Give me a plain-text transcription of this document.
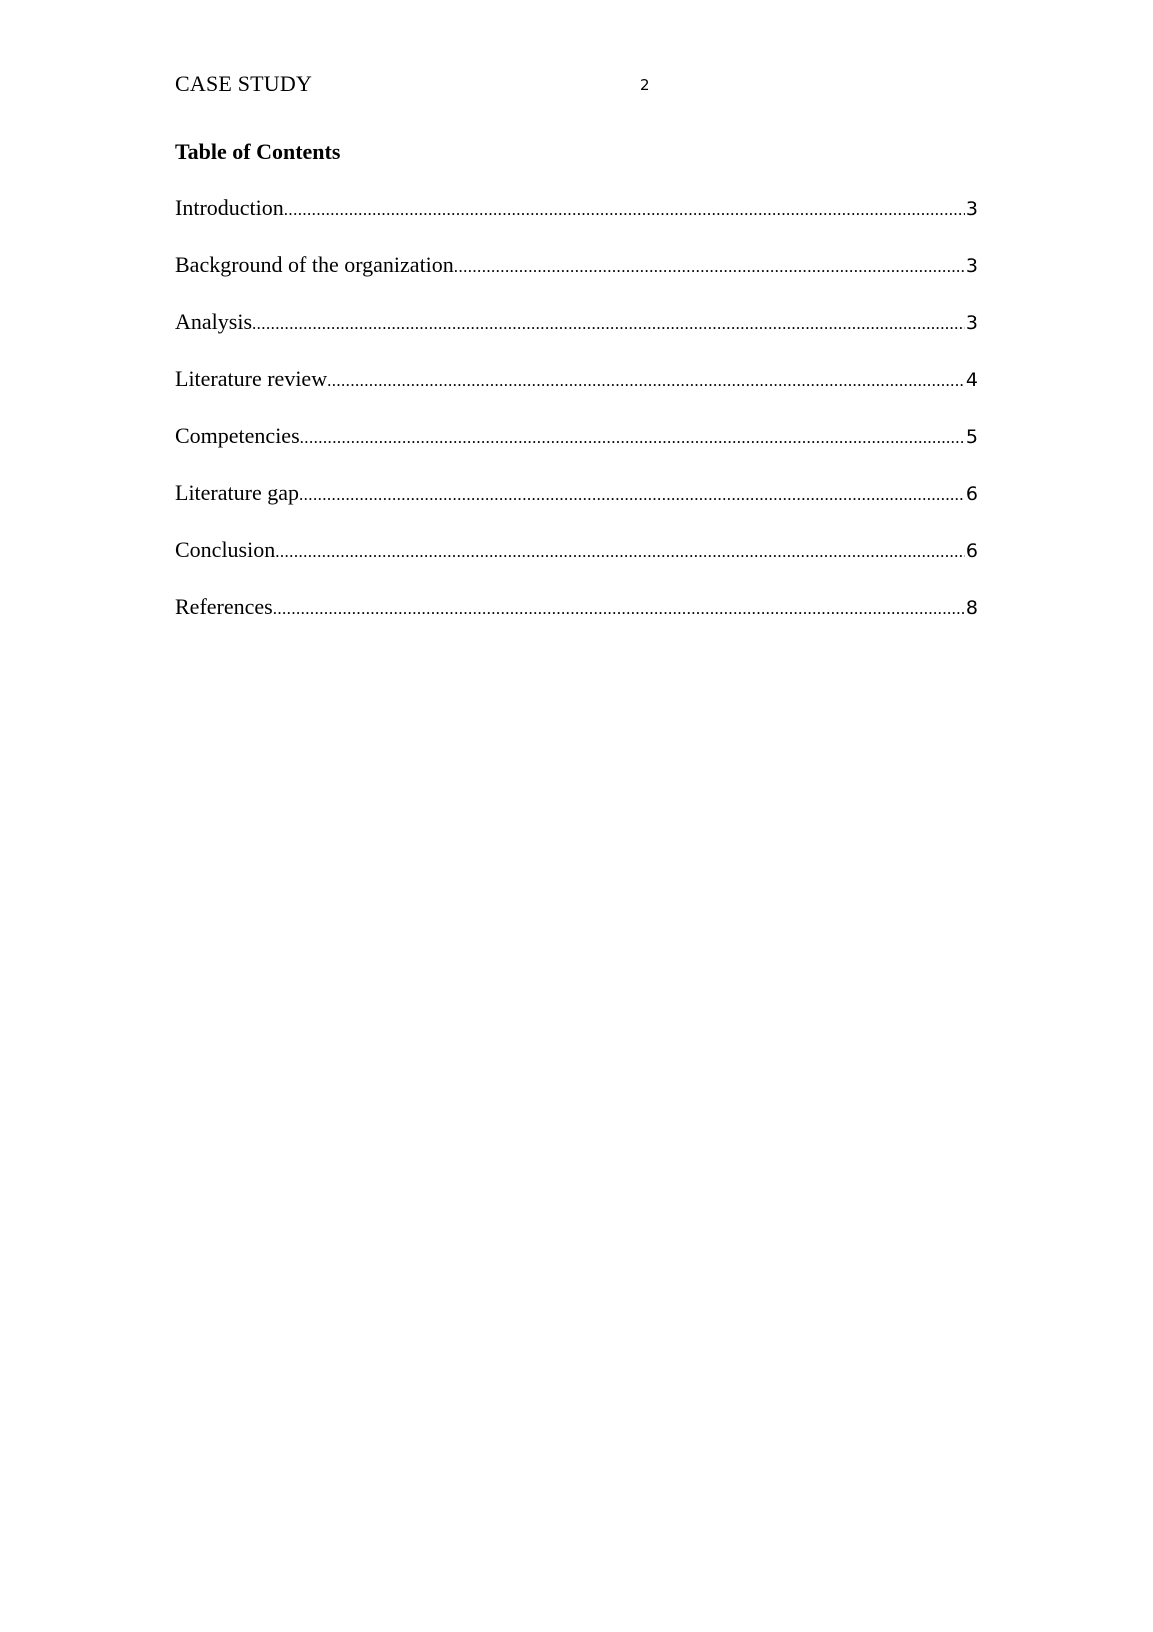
CASE STUDY	2
Table of Contents
Introduction .....	3
Background of the organization .....	3
Analysis .....	3
Literature review .....	4
Competencies .....	5
Literature gap .....	6
Conclusion .....	6
References .....	8
